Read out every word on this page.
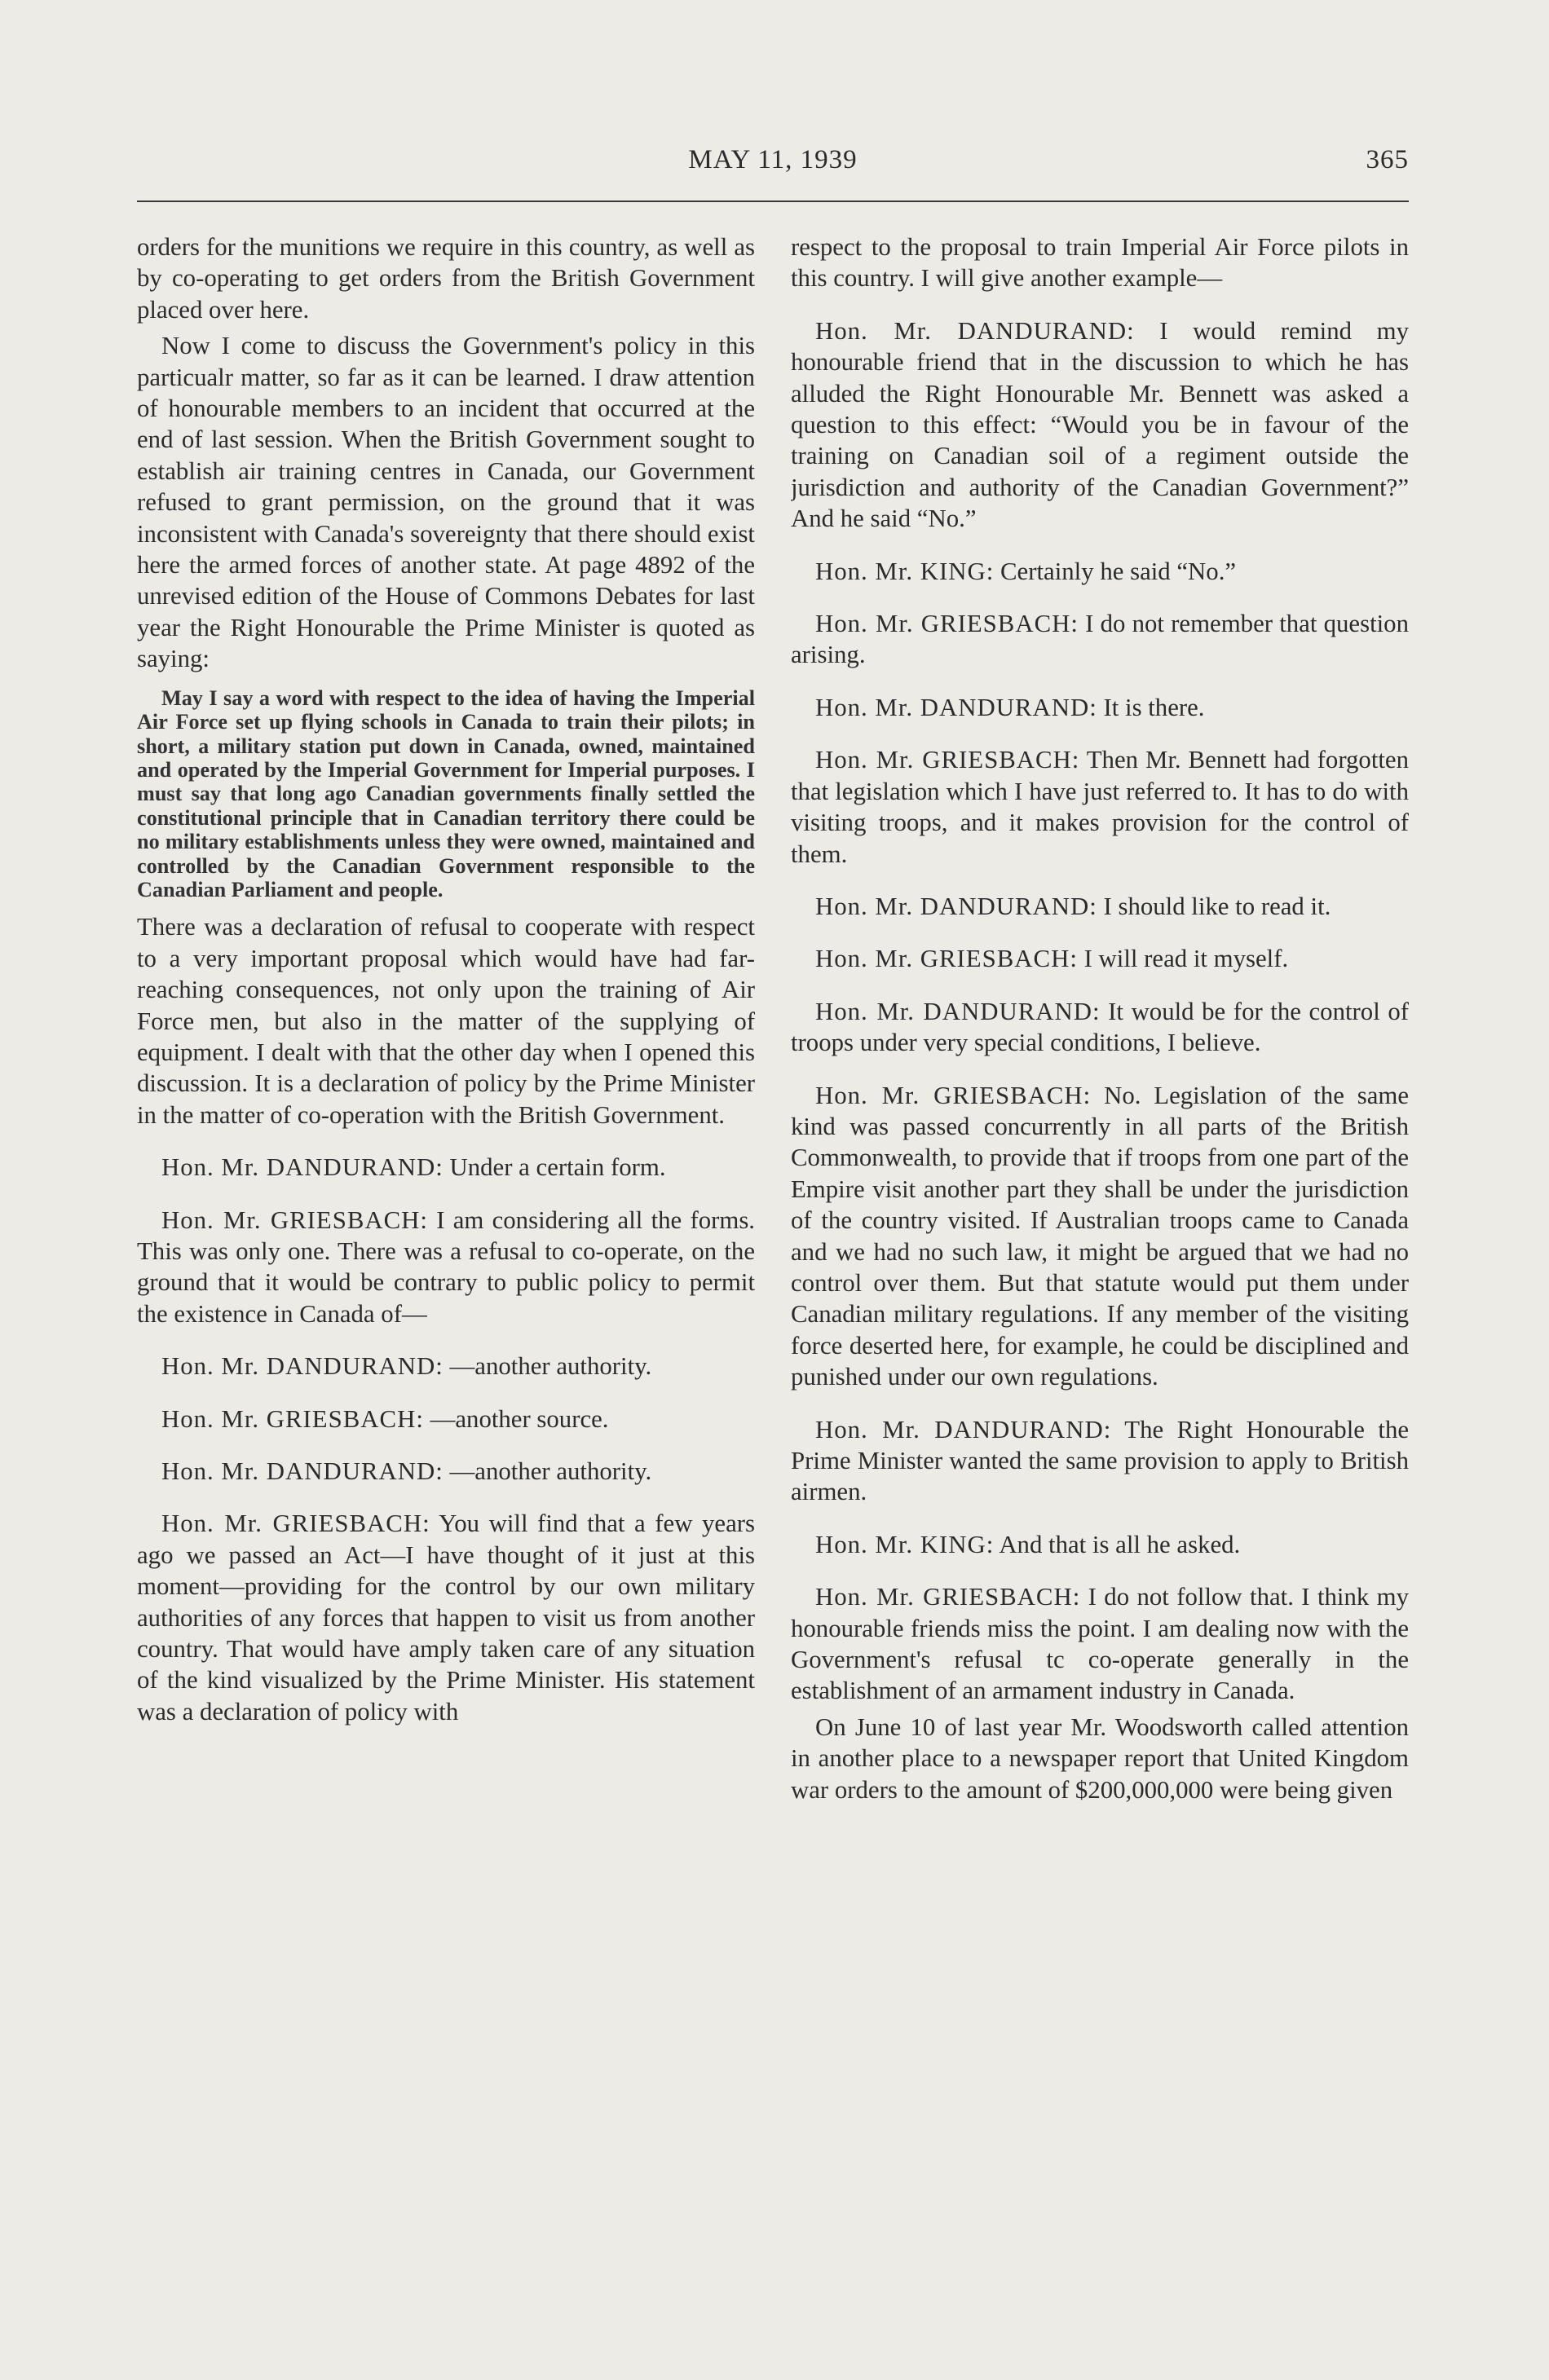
MAY 11, 1939	365

orders for the munitions we require in this country, as well as by co-operating to get orders from the British Government placed over here.

Now I come to discuss the Government's policy in this particualr matter, so far as it can be learned. I draw attention of honourable members to an incident that occurred at the end of last session. When the British Government sought to establish air training centres in Canada, our Government refused to grant permission, on the ground that it was inconsistent with Canada's sovereignty that there should exist here the armed forces of another state. At page 4892 of the unrevised edition of the House of Commons Debates for last year the Right Honourable the Prime Minister is quoted as saying:

May I say a word with respect to the idea of having the Imperial Air Force set up flying schools in Canada to train their pilots; in short, a military station put down in Canada, owned, maintained and operated by the Imperial Government for Imperial purposes. I must say that long ago Canadian governments finally settled the constitutional principle that in Canadian territory there could be no military establishments unless they were owned, maintained and controlled by the Canadian Government responsible to the Canadian Parliament and people.

There was a declaration of refusal to cooperate with respect to a very important proposal which would have had far-reaching consequences, not only upon the training of Air Force men, but also in the matter of the supplying of equipment. I dealt with that the other day when I opened this discussion. It is a declaration of policy by the Prime Minister in the matter of co-operation with the British Government.

Hon. Mr. DANDURAND: Under a certain form.

Hon. Mr. GRIESBACH: I am considering all the forms. This was only one. There was a refusal to co-operate, on the ground that it would be contrary to public policy to permit the existence in Canada of—

Hon. Mr. DANDURAND: —another authority.

Hon. Mr. GRIESBACH: —another source.

Hon. Mr. DANDURAND: —another authority.

Hon. Mr. GRIESBACH: You will find that a few years ago we passed an Act—I have thought of it just at this moment—providing for the control by our own military authorities of any forces that happen to visit us from another country. That would have amply taken care of any situation of the kind visualized by the Prime Minister. His statement was a declaration of policy with

respect to the proposal to train Imperial Air Force pilots in this country. I will give another example—

Hon. Mr. DANDURAND: I would remind my honourable friend that in the discussion to which he has alluded the Right Honourable Mr. Bennett was asked a question to this effect: “Would you be in favour of the training on Canadian soil of a regiment outside the jurisdiction and authority of the Canadian Government?” And he said “No.”

Hon. Mr. KING: Certainly he said “No.”

Hon. Mr. GRIESBACH: I do not remember that question arising.

Hon. Mr. DANDURAND: It is there.

Hon. Mr. GRIESBACH: Then Mr. Bennett had forgotten that legislation which I have just referred to. It has to do with visiting troops, and it makes provision for the control of them.

Hon. Mr. DANDURAND: I should like to read it.

Hon. Mr. GRIESBACH: I will read it myself.

Hon. Mr. DANDURAND: It would be for the control of troops under very special conditions, I believe.

Hon. Mr. GRIESBACH: No. Legislation of the same kind was passed concurrently in all parts of the British Commonwealth, to provide that if troops from one part of the Empire visit another part they shall be under the jurisdiction of the country visited. If Australian troops came to Canada and we had no such law, it might be argued that we had no control over them. But that statute would put them under Canadian military regulations. If any member of the visiting force deserted here, for example, he could be disciplined and punished under our own regulations.

Hon. Mr. DANDURAND: The Right Honourable the Prime Minister wanted the same provision to apply to British airmen.

Hon. Mr. KING: And that is all he asked.

Hon. Mr. GRIESBACH: I do not follow that. I think my honourable friends miss the point. I am dealing now with the Government's refusal tc co-operate generally in the establishment of an armament industry in Canada.

On June 10 of last year Mr. Woodsworth called attention in another place to a newspaper report that United Kingdom war orders to the amount of $200,000,000 were being given
